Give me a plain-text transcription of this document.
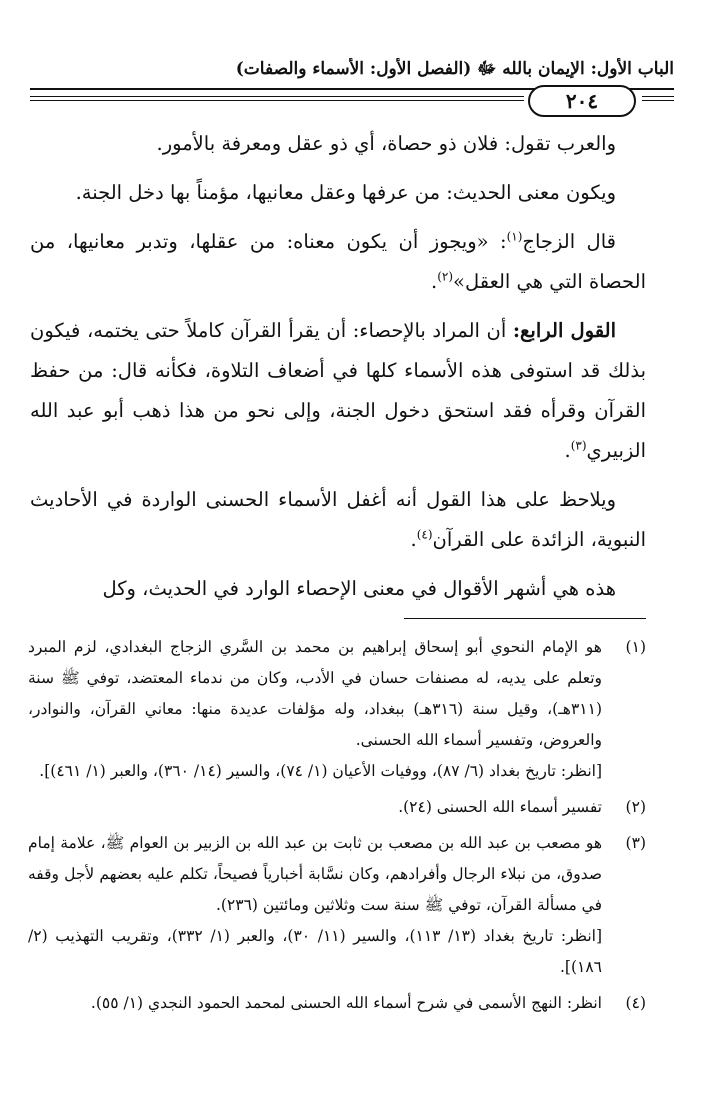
الباب الأول: الإيمان بالله ﷻ (الفصل الأول: الأسماء والصفات)
٢٠٤

والعرب تقول: فلان ذو حصاة، أي ذو عقل ومعرفة بالأمور.

ويكون معنى الحديث: من عرفها وعقل معانيها، مؤمناً بها دخل الجنة.

قال الزجاج$^{(١)}$: «ويجوز أن يكون معناه: من عقلها، وتدبر معانيها، من الحصاة التي هي العقل»$^{(٢)}$.

القول الرابع: أن المراد بالإحصاء: أن يقرأ القرآن كاملاً حتى يختمه، فيكون بذلك قد استوفى هذه الأسماء كلها في أضعاف التلاوة، فكأنه قال: من حفظ القرآن وقرأه فقد استحق دخول الجنة، وإلى نحو من هذا ذهب أبو عبد الله الزبيري$^{(٣)}$.

ويلاحظ على هذا القول أنه أغفل الأسماء الحسنى الواردة في الأحاديث النبوية، الزائدة على القرآن$^{(٤)}$.

هذه هي أشهر الأقوال في معنى الإحصاء الوارد في الحديث، وكل

(١)

هو الإمام النحوي أبو إسحاق إبراهيم بن محمد بن السَّري الزجاج البغدادي، لزم المبرد وتعلم على يديه، له مصنفات حسان في الأدب، وكان من ندماء المعتضد، توفي ﷺ سنة (٣١١هـ)، وقيل سنة (٣١٦هـ) ببغداد، وله مؤلفات عديدة منها: معاني القرآن، والنوادر، والعروض، وتفسير أسماء الله الحسنى.

[انظر: تاريخ بغداد (٦/ ٨٧)، ووفيات الأعيان (١/ ٧٤)، والسير (١٤/ ٣٦٠)، والعبر (١/ ٤٦١)].

(٢)

تفسير أسماء الله الحسنى (٢٤).

(٣)

هو مصعب بن عبد الله بن مصعب بن ثابت بن عبد الله بن الزبير بن العوام ﷺ، علامة إمام صدوق، من نبلاء الرجال وأفرادهم، وكان نسَّابة أخبارياً فصيحاً، تكلم عليه بعضهم لأجل وقفه في مسألة القرآن، توفي ﷺ سنة ست وثلاثين ومائتين (٢٣٦).

[انظر: تاريخ بغداد (١٣/ ١١٣)، والسير (١١/ ٣٠)، والعبر (١/ ٣٣٢)، وتقريب التهذيب (٢/ ١٨٦)].

(٤)

انظر: النهج الأسمى في شرح أسماء الله الحسنى لمحمد الحمود النجدي (١/ ٥٥).
